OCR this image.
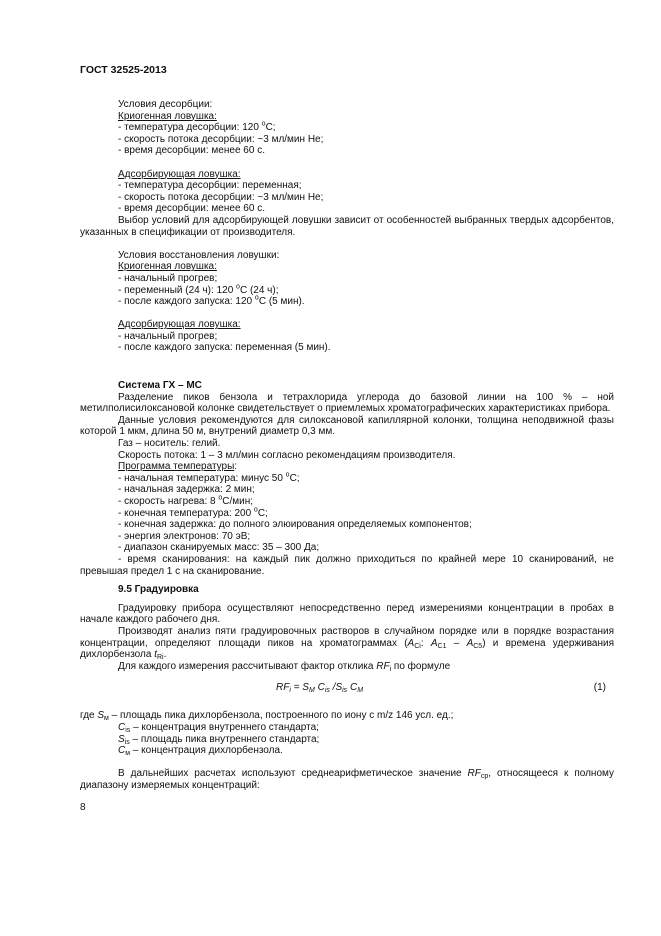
ГОСТ 32525-2013
Условия десорбции:
Криогенная ловушка:
- температура десорбции: 120 $^o$C;
- скорость потока десорбции: ~3 мл/мин He;
- время десорбции: менее 60 с.
Адсорбирующая ловушка:
- температура десорбции: переменная;
- скорость потока десорбции: ~3 мл/мин He;
- время десорбции: менее 60 с.
Выбор условий для адсорбирующей ловушки зависит от особенностей выбранных твердых адсорбентов, указанных в спецификации от производителя.
Условия восстановления ловушки:
Криогенная ловушка:
- начальный прогрев;
- переменный (24 ч): 120 $^o$C (24 ч);
- после каждого запуска: 120 $^o$C (5 мин).
Адсорбирующая ловушка:
- начальный прогрев;
- после каждого запуска: переменная (5 мин).
Система ГХ – МС
Разделение пиков бензола и тетрахлорида углерода до базовой линии на 100 % – ной метилполисилоксановой колонке свидетельствует о приемлемых хроматографических характеристиках прибора.
Данные условия рекомендуются для силоксановой капиллярной колонки, толщина неподвижной фазы которой 1 мкм, длина 50 м, внутрений диаметр 0,3 мм.
Газ – носитель: гелий.
Скорость потока: 1 – 3 мл/мин согласно рекомендациям производителя.
Программа температуры:
- начальная температура: минус 50 $^o$C;
- начальная задержка: 2 мин;
- скорость нагрева: 8 $^o$C/мин;
- конечная температура: 200 $^o$C;
- конечная задержка: до полного элюирования определяемых компонентов;
- энергия электронов: 70 эВ;
- диапазон сканируемых масс: 35 – 300 Да;
- время сканирования: на каждый пик должно приходиться по крайней мере 10 сканирований, не превышая предел 1 с на сканирование.
9.5 Градуировка
Градуировку прибора осуществляют непосредственно перед измерениями концентрации в пробах в начале каждого рабочего дня.
Производят анализ пяти градуировочных растворов в случайном порядке или в порядке возрастания концентрации, определяют площади пиков на хроматограммах ($A_{Ci}$: $A_{C1} - A_{C5}$) и времена удерживания дихлорбензола $t_{Ri}$.
Для каждого измерения рассчитывают фактор отклика $RF_i$ по формуле
$RF_i = S_M$ $C_{is}$ $/S_{is}$ $C_M$	(1)
где $S_м$ – площадь пика дихлорбензола, построенного по иону с m/z 146 усл. ед.;
$C_{is}$ – концентрация внутреннего стандарта;
$S_{is}$ – площадь пика внутреннего стандарта;
$C_м$ – концентрация дихлорбензола.
В дальнейших расчетах используют среднеарифметическое значение $RF_{ср}$, относящееся к полному диапазону измеряемых концентраций:
8
